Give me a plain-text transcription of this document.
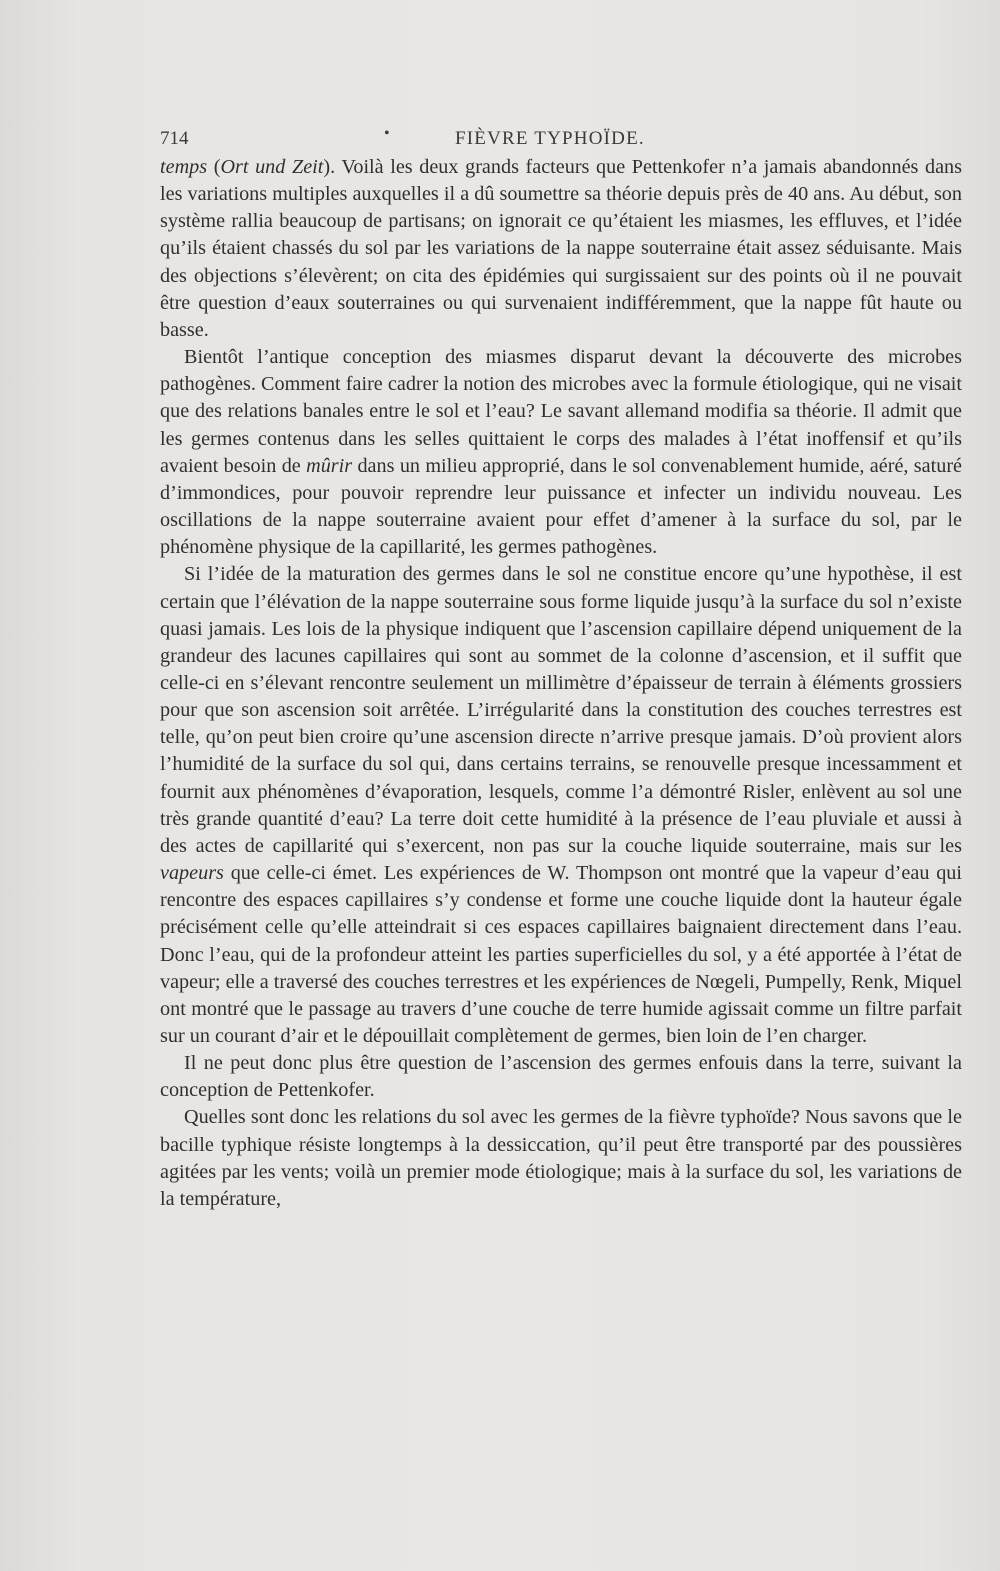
714	•	FIÈVRE TYPHOÏDE.

temps (Ort und Zeit). Voilà les deux grands facteurs que Pettenkofer n’a jamais abandonnés dans les variations multiples auxquelles il a dû soumettre sa théorie depuis près de 40 ans. Au début, son système rallia beaucoup de partisans; on ignorait ce qu’étaient les miasmes, les effluves, et l’idée qu’ils étaient chassés du sol par les variations de la nappe souterraine était assez séduisante. Mais des objections s’élevèrent; on cita des épidémies qui surgissaient sur des points où il ne pouvait être question d’eaux souterraines ou qui survenaient indifféremment, que la nappe fût haute ou basse.

Bientôt l’antique conception des miasmes disparut devant la découverte des microbes pathogènes. Comment faire cadrer la notion des microbes avec la formule étiologique, qui ne visait que des relations banales entre le sol et l’eau? Le savant allemand modifia sa théorie. Il admit que les germes contenus dans les selles quittaient le corps des malades à l’état inoffensif et qu’ils avaient besoin de mûrir dans un milieu approprié, dans le sol convenablement humide, aéré, saturé d’immondices, pour pouvoir reprendre leur puissance et infecter un individu nouveau. Les oscillations de la nappe souterraine avaient pour effet d’amener à la surface du sol, par le phénomène physique de la capillarité, les germes pathogènes.

Si l’idée de la maturation des germes dans le sol ne constitue encore qu’une hypothèse, il est certain que l’élévation de la nappe souterraine sous forme liquide jusqu’à la surface du sol n’existe quasi jamais. Les lois de la physique indiquent que l’ascension capillaire dépend uniquement de la grandeur des lacunes capillaires qui sont au sommet de la colonne d’ascension, et il suffit que celle-ci en s’élevant rencontre seulement un millimètre d’épaisseur de terrain à éléments grossiers pour que son ascension soit arrêtée. L’irrégularité dans la constitution des couches terrestres est telle, qu’on peut bien croire qu’une ascension directe n’arrive presque jamais. D’où provient alors l’humidité de la surface du sol qui, dans certains terrains, se renouvelle presque incessamment et fournit aux phénomènes d’évaporation, lesquels, comme l’a démontré Risler, enlèvent au sol une très grande quantité d’eau? La terre doit cette humidité à la présence de l’eau pluviale et aussi à des actes de capillarité qui s’exercent, non pas sur la couche liquide souterraine, mais sur les vapeurs que celle-ci émet. Les expériences de W. Thompson ont montré que la vapeur d’eau qui rencontre des espaces capillaires s’y condense et forme une couche liquide dont la hauteur égale précisément celle qu’elle atteindrait si ces espaces capillaires baignaient directement dans l’eau. Donc l’eau, qui de la profondeur atteint les parties superficielles du sol, y a été apportée à l’état de vapeur; elle a traversé des couches terrestres et les expériences de Nœgeli, Pumpelly, Renk, Miquel ont montré que le passage au travers d’une couche de terre humide agissait comme un filtre parfait sur un courant d’air et le dépouillait complètement de germes, bien loin de l’en charger.

Il ne peut donc plus être question de l’ascension des germes enfouis dans la terre, suivant la conception de Pettenkofer.

Quelles sont donc les relations du sol avec les germes de la fièvre typhoïde? Nous savons que le bacille typhique résiste longtemps à la dessiccation, qu’il peut être transporté par des poussières agitées par les vents; voilà un premier mode étiologique; mais à la surface du sol, les variations de la température,
